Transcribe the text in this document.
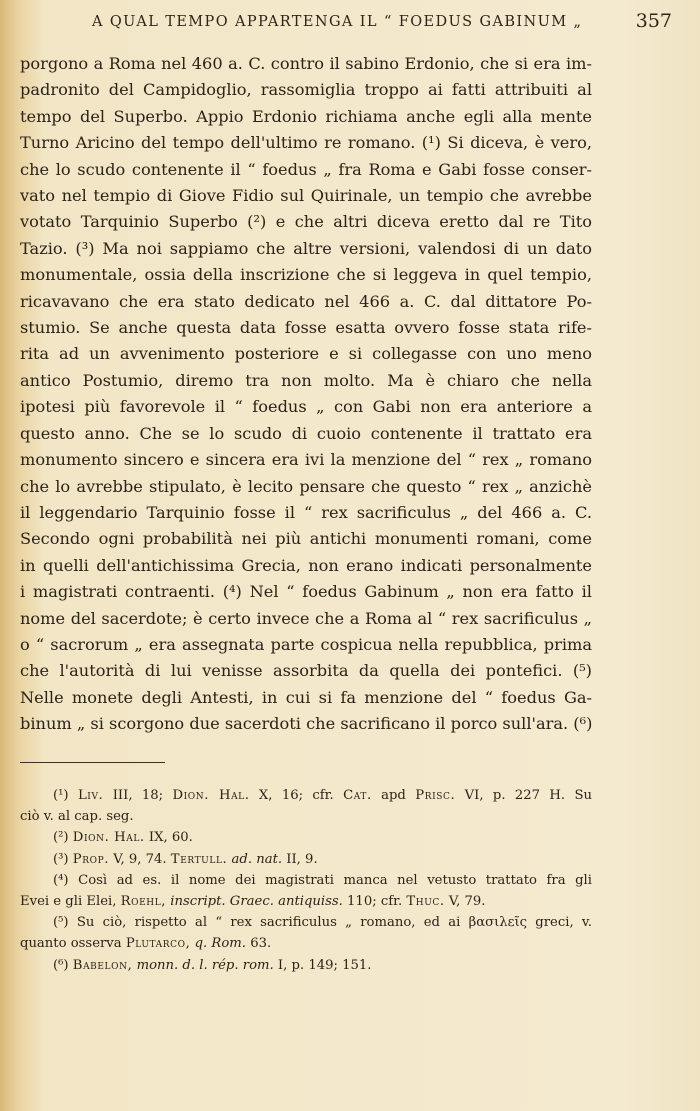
A QUAL TEMPO APPARTENGA IL “ FOEDUS GABINUM „	357
porgono a Roma nel 460 a. C. contro il sabino Erdonio, che si era im-
padronito del Campidoglio, rassomiglia troppo ai fatti attribuiti al
tempo del Superbo. Appio Erdonio richiama anche egli alla mente
Turno Aricino del tempo dell'ultimo re romano. (¹) Si diceva, è vero,
che lo scudo contenente il “ foedus „ fra Roma e Gabi fosse conser-
vato nel tempio di Giove Fidio sul Quirinale, un tempio che avrebbe
votato Tarquinio Superbo (²) e che altri diceva eretto dal re Tito
Tazio. (³) Ma noi sappiamo che altre versioni, valendosi di un dato
monumentale, ossia della inscrizione che si leggeva in quel tempio,
ricavavano che era stato dedicato nel 466 a. C. dal dittatore Po-
stumio. Se anche questa data fosse esatta ovvero fosse stata rife-
rita ad un avvenimento posteriore e si collegasse con uno meno
antico Postumio, diremo tra non molto. Ma è chiaro che nella
ipotesi più favorevole il “ foedus „ con Gabi non era anteriore a
questo anno. Che se lo scudo di cuoio contenente il trattato era
monumento sincero e sincera era ivi la menzione del “ rex „ romano
che lo avrebbe stipulato, è lecito pensare che questo “ rex „ anzichè
il leggendario Tarquinio fosse il “ rex sacrificulus „ del 466 a. C.
Secondo ogni probabilità nei più antichi monumenti romani, come
in quelli dell'antichissima Grecia, non erano indicati personalmente
i magistrati contraenti. (⁴) Nel “ foedus Gabinum „ non era fatto il
nome del sacerdote; è certo invece che a Roma al “ rex sacrificulus „
o “ sacrorum „ era assegnata parte cospicua nella repubblica, prima
che l'autorità di lui venisse assorbita da quella dei pontefici. (⁵)
Nelle monete degli Antesti, in cui si fa menzione del “ foedus Ga-
binum „ si scorgono due sacerdoti che sacrificano il porco sull'ara. (⁶)
(¹) Liv. III, 18; Dion. Hal. X, 16; cfr. Cat. apd Prisc. VI, p. 227 H. Su
ciò v. al cap. seg.
(²) Dion. Hal. IX, 60.
(³) Prop. V, 9, 74. Tertull. ad. nat. II, 9.
(⁴) Così ad es. il nome dei magistrati manca nel vetusto trattato fra gli
Evei e gli Elei, Roehl, inscript. Graec. antiquiss. 110; cfr. Thuc. V, 79.
(⁵) Su ciò, rispetto al “ rex sacrificulus „ romano, ed ai βασιλεῖς greci, v.
quanto osserva Plutarco, q. Rom. 63.
(⁶) Babelon, monn. d. l. rép. rom. I, p. 149; 151.
